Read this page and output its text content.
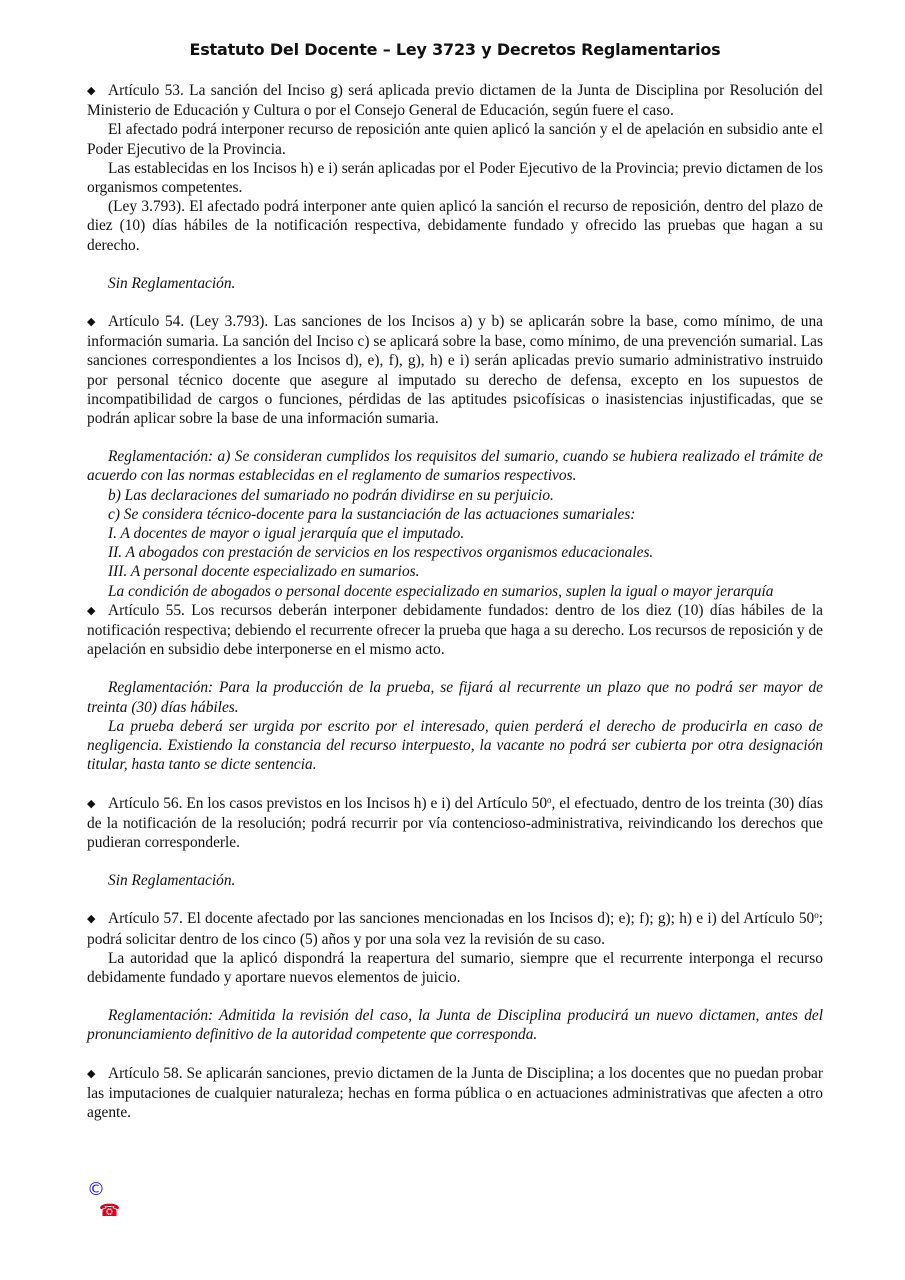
Estatuto Del Docente – Ley 3723 y Decretos Reglamentarios

◆ Artículo 53. La sanción del Inciso g) será aplicada previo dictamen de la Junta de Disciplina por Resolución del Ministerio de Educación y Cultura o por el Consejo General de Educación, según fuere el caso.

El afectado podrá interponer recurso de reposición ante quien aplicó la sanción y el de apelación en subsidio ante el Poder Ejecutivo de la Provincia.

Las establecidas en los Incisos h) e i) serán aplicadas por el Poder Ejecutivo de la Provincia; previo dictamen de los organismos competentes.

(Ley 3.793). El afectado podrá interponer ante quien aplicó la sanción el recurso de reposición, dentro del plazo de diez (10) días hábiles de la notificación respectiva, debidamente fundado y ofrecido las pruebas que hagan a su derecho.

Sin Reglamentación.

◆ Artículo 54. (Ley 3.793). Las sanciones de los Incisos a) y b) se aplicarán sobre la base, como mínimo, de una información sumaria. La sanción del Inciso c) se aplicará sobre la base, como mínimo, de una prevención sumarial. Las sanciones correspondientes a los Incisos d), e), f), g), h) e i) serán aplicadas previo sumario administrativo instruido por personal técnico docente que asegure al imputado su derecho de defensa, excepto en los supuestos de incompatibilidad de cargos o funciones, pérdidas de las aptitudes psicofísicas o inasistencias injustificadas, que se podrán aplicar sobre la base de una información sumaria.

Reglamentación: a) Se consideran cumplidos los requisitos del sumario, cuando se hubiera realizado el trámite de acuerdo con las normas establecidas en el reglamento de sumarios respectivos.

b) Las declaraciones del sumariado no podrán dividirse en su perjuicio.

c) Se considera técnico-docente para la sustanciación de las actuaciones sumariales:

I. A docentes de mayor o igual jerarquía que el imputado.

II. A abogados con prestación de servicios en los respectivos organismos educacionales.

III. A personal docente especializado en sumarios.

La condición de abogados o personal docente especializado en sumarios, suplen la igual o mayor jerarquía

◆ Artículo 55. Los recursos deberán interponer debidamente fundados: dentro de los diez (10) días hábiles de la notificación respectiva; debiendo el recurrente ofrecer la prueba que haga a su derecho. Los recursos de reposición y de apelación en subsidio debe interponerse en el mismo acto.

Reglamentación: Para la producción de la prueba, se fijará al recurrente un plazo que no podrá ser mayor de treinta (30) días hábiles.

La prueba deberá ser urgida por escrito por el interesado, quien perderá el derecho de producirla en caso de negligencia. Existiendo la constancia del recurso interpuesto, la vacante no podrá ser cubierta por otra designación titular, hasta tanto se dicte sentencia.

◆ Artículo 56. En los casos previstos en los Incisos h) e i) del Artículo 50$^o$, el efectuado, dentro de los treinta (30) días de la notificación de la resolución; podrá recurrir por vía contencioso-administrativa, reivindicando los derechos que pudieran corresponderle.

Sin Reglamentación.

◆ Artículo 57. El docente afectado por las sanciones mencionadas en los Incisos d); e); f); g); h) e i) del Artículo 50$^o$; podrá solicitar dentro de los cinco (5) años y por una sola vez la revisión de su caso.

La autoridad que la aplicó dispondrá la reapertura del sumario, siempre que el recurrente interponga el recurso debidamente fundado y aportare nuevos elementos de juicio.

Reglamentación: Admitida la revisión del caso, la Junta de Disciplina producirá un nuevo dictamen, antes del pronunciamiento definitivo de la autoridad competente que corresponda.

◆ Artículo 58. Se aplicarán sanciones, previo dictamen de la Junta de Disciplina; a los docentes que no puedan probar las imputaciones de cualquier naturaleza; hechas en forma pública o en actuaciones administrativas que afecten a otro agente.

©
☎
